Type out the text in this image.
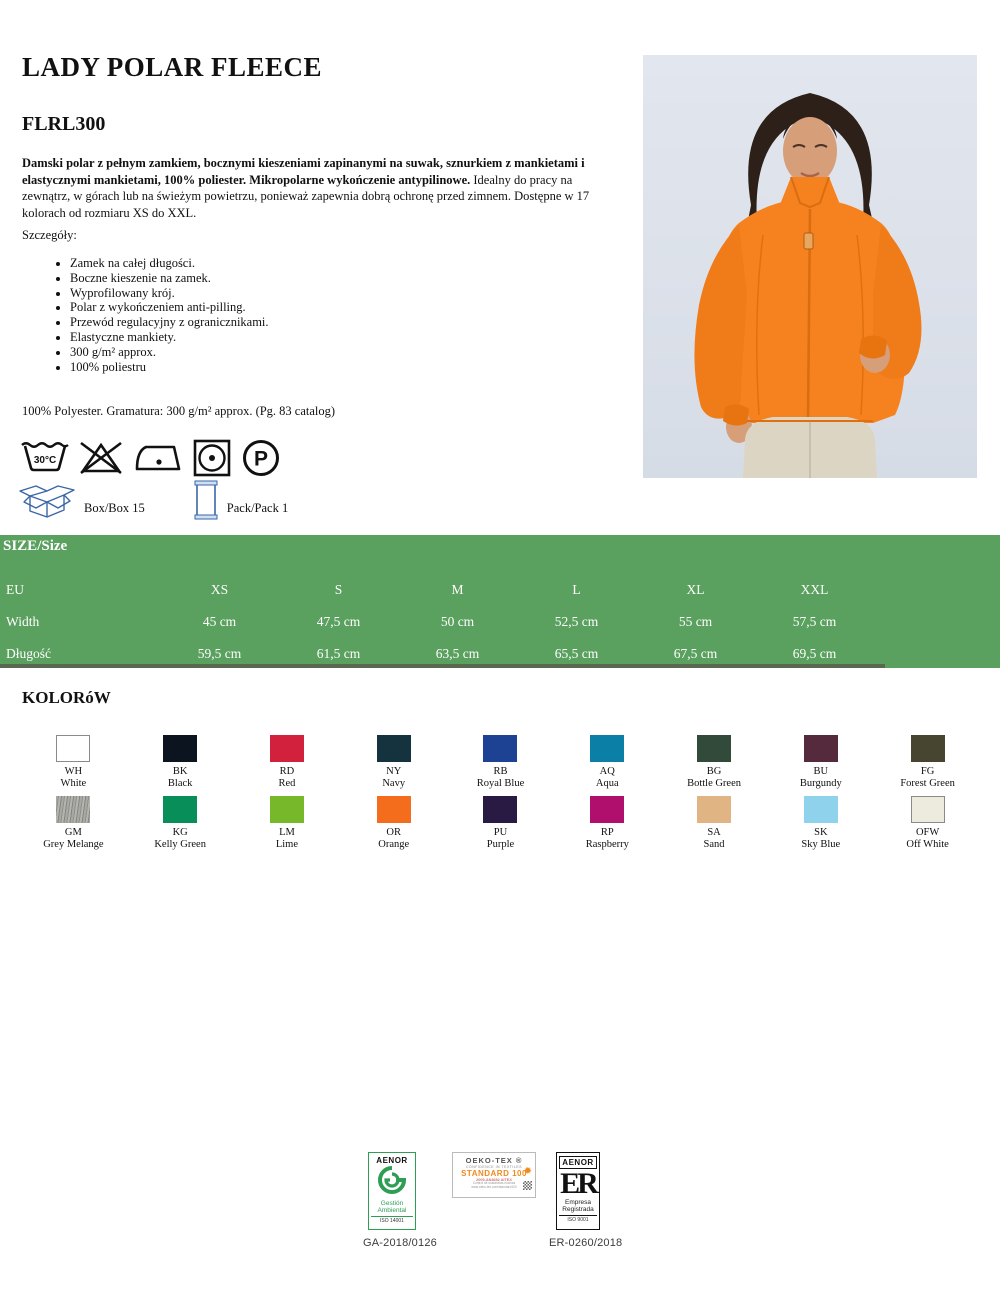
LADY POLAR FLEECE
FLRL300
Damski polar z pełnym zamkiem, bocznymi kieszeniami zapinanymi na suwak, sznurkiem z mankietami i elastycznymi mankietami, 100% poliester. Mikropolarne wykończenie antypilinowe. Idealny do pracy na zewnątrz, w górach lub na świeżym powietrzu, ponieważ zapewnia dobrą ochronę przed zimnem. Dostępne w 17 kolorach od rozmiaru XS do XXL.
Szczegóły:
• Zamek na całej długości.
• Boczne kieszenie na zamek.
• Wyprofilowany krój.
• Polar z wykończeniem anti-pilling.
• Przewód regulacyjny z ogranicznikami.
• Elastyczne mankiety.
• 300 g/m² approx.
• 100% poliestru
100% Polyester. Gramatura: 300 g/m² approx. (Pg. 83 catalog)
30°C	P
Box/Box 15	Pack/Pack 1
SIZE/Size
EU	XS	S	M	L	XL	XXL
Width	45 cm	47,5 cm	50 cm	52,5 cm	55 cm	57,5 cm
Długość	59,5 cm	61,5 cm	63,5 cm	65,5 cm	67,5 cm	69,5 cm
KOLORóW
WH
White
BK
Black
RD
Red
NY
Navy
RB
Royal Blue
AQ
Aqua
BG
Bottle Green
BU
Burgundy
FG
Forest Green
GM
Grey Melange
KG
Kelly Green
LM
Lime
OR
Orange
PU
Purple
RP
Raspberry
SA
Sand
SK
Sky Blue
OFW
Off White
AENOR
Gestión
Ambiental
ISO 14001
OEKO-TEX ®
CONFIDENCE IN TEXTILES
STANDARD 100
2009-AN4682 AITEX
Control de sustancias nocivas
www.oeko-tex.com/standard100
✹
AENOR
ER
Empresa
Registrada
ISO 9001
GA-2018/0126	ER-0260/2018
